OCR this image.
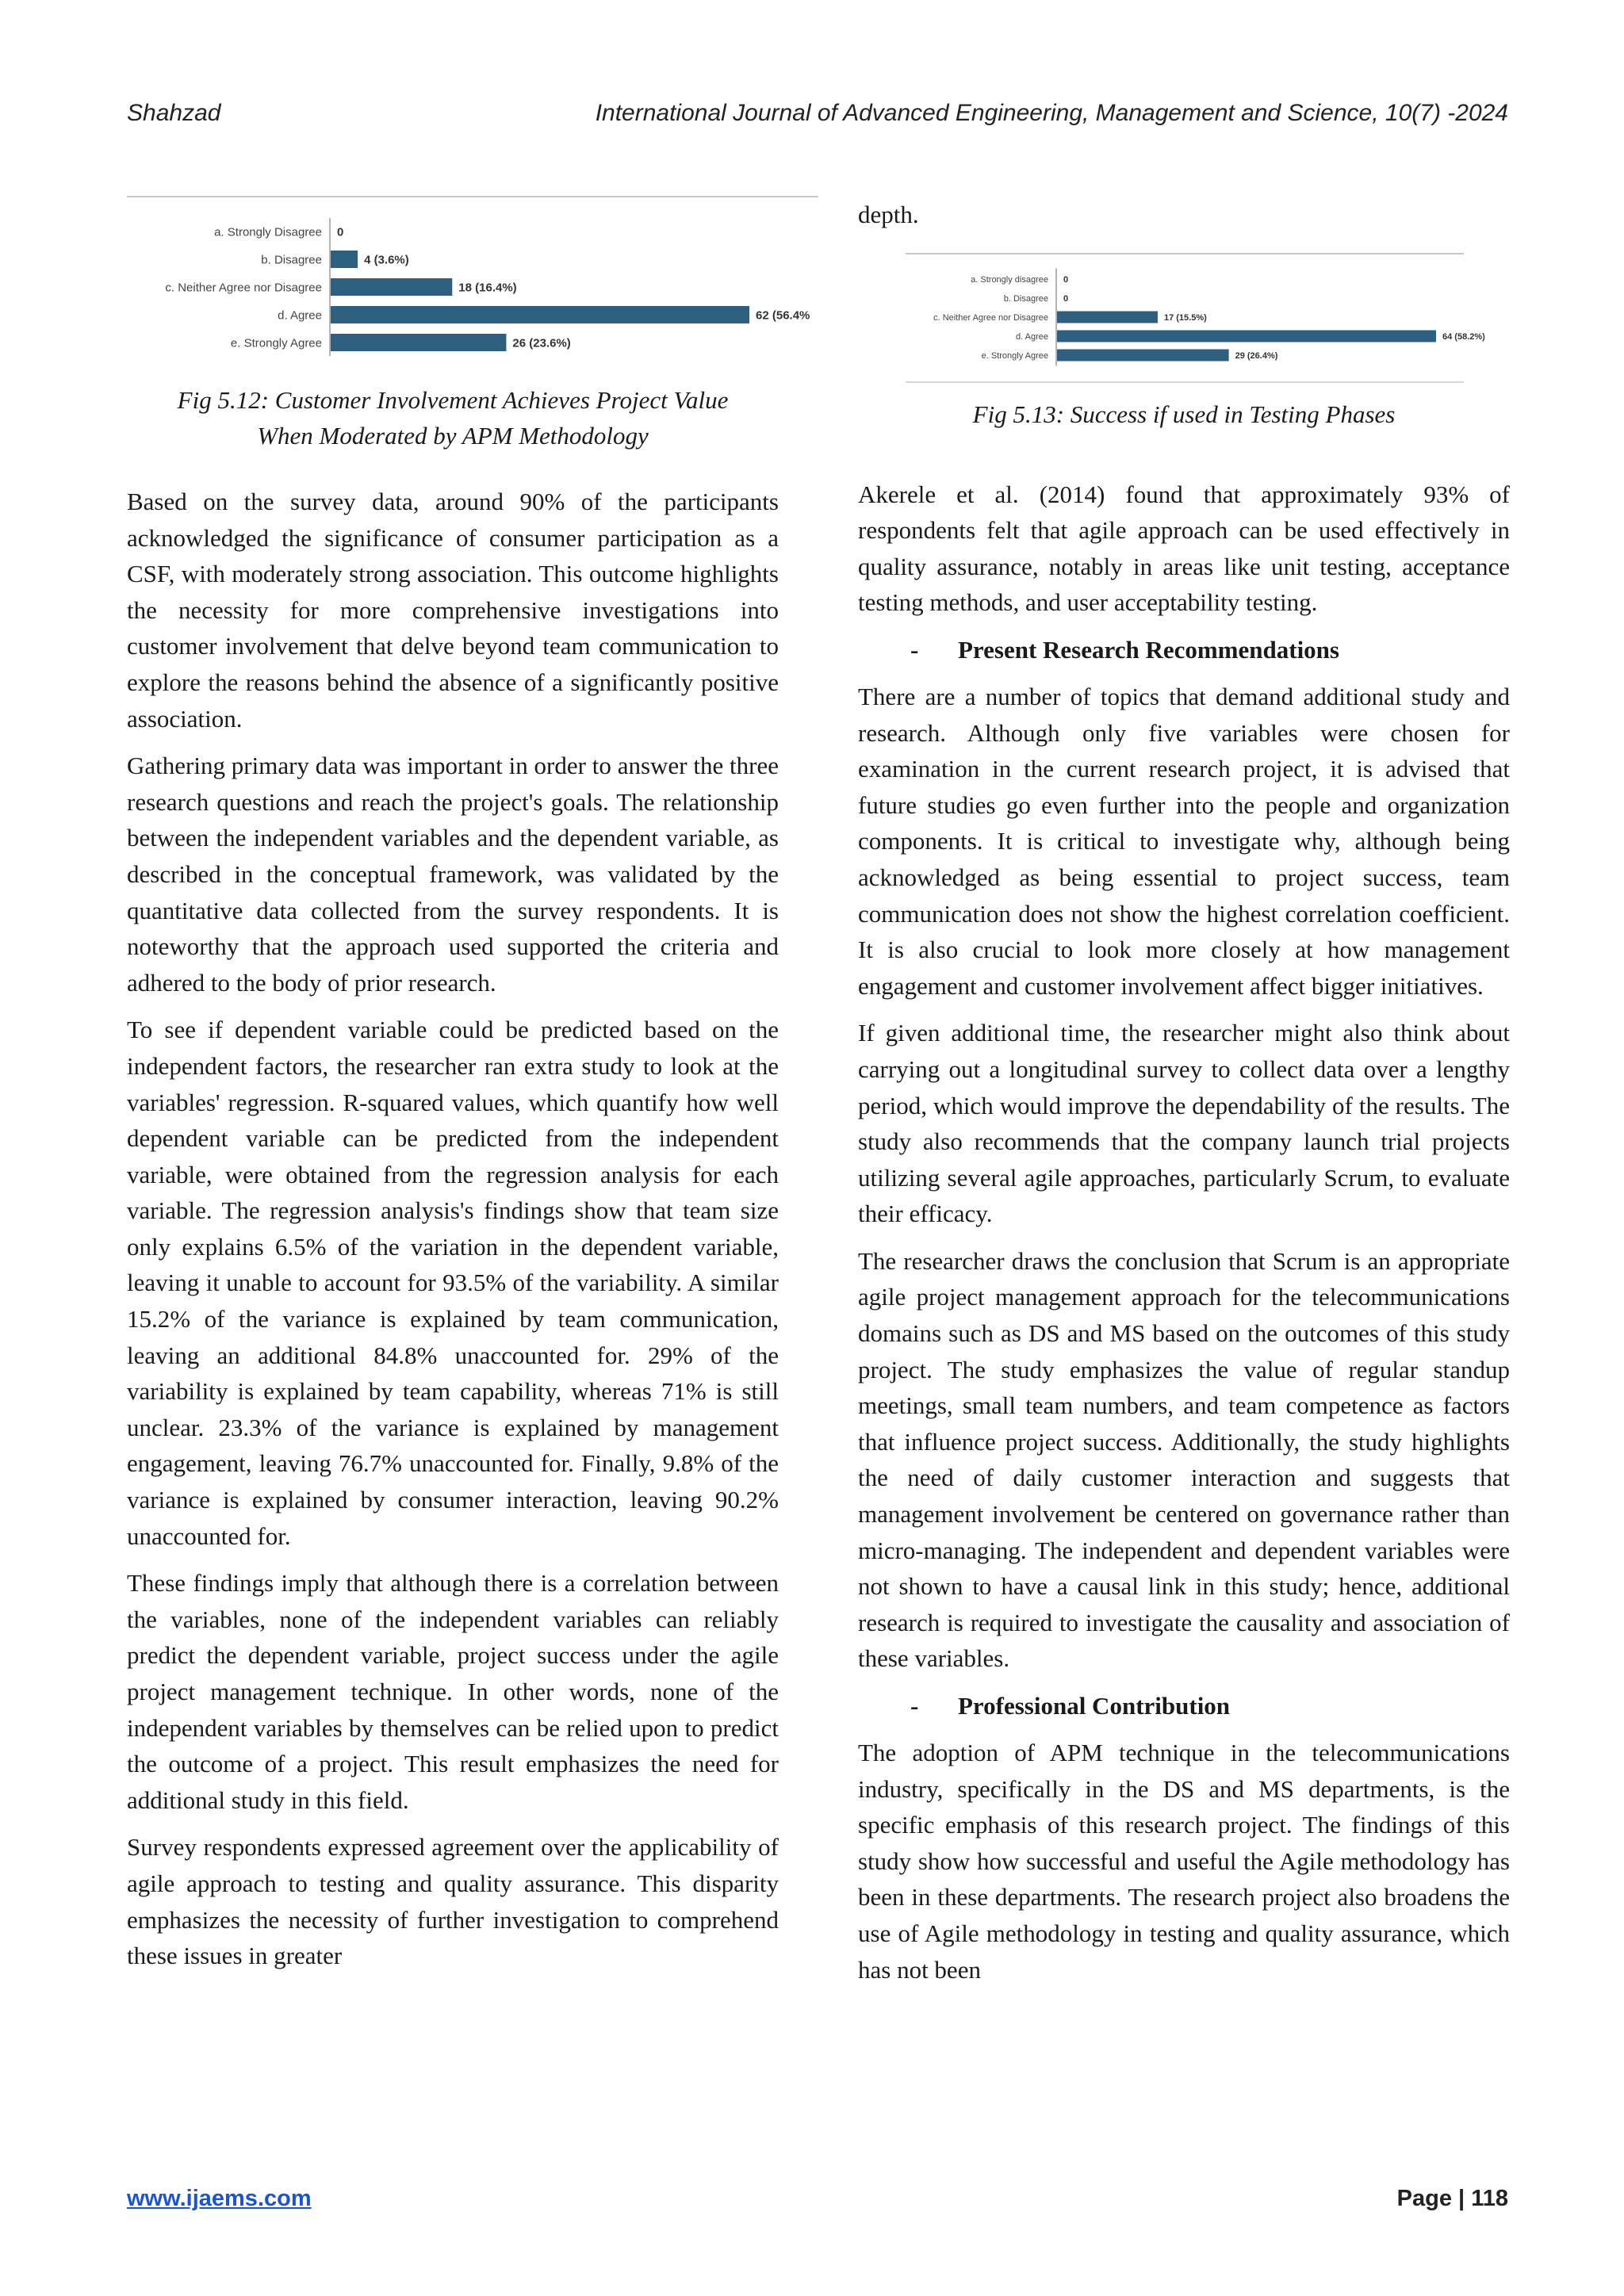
Shahzad	International Journal of Advanced Engineering, Management and Science, 10(7) -2024
a. Strongly Disagree 0
b. Disagree	4 (3.6%)
c. Neither Agree nor Disagree	18 (16.4%)
d. Agree	62 (56.4%
e. Strongly Agree	26 (23.6%)
Fig 5.12: Customer Involvement Achieves Project Value When Moderated by APM Methodology

Based on the survey data, around 90% of the participants acknowledged the significance of consumer participation as a CSF, with moderately strong association. This outcome highlights the necessity for more comprehensive investigations into customer involvement that delve beyond team communication to explore the reasons behind the absence of a significantly positive association.

Gathering primary data was important in order to answer the three research questions and reach the project's goals. The relationship between the independent variables and the dependent variable, as described in the conceptual framework, was validated by the quantitative data collected from the survey respondents. It is noteworthy that the approach used supported the criteria and adhered to the body of prior research.

To see if dependent variable could be predicted based on the independent factors, the researcher ran extra study to look at the variables' regression. R-squared values, which quantify how well dependent variable can be predicted from the independent variable, were obtained from the regression analysis for each variable. The regression analysis's findings show that team size only explains 6.5% of the variation in the dependent variable, leaving it unable to account for 93.5% of the variability. A similar 15.2% of the variance is explained by team communication, leaving an additional 84.8% unaccounted for. 29% of the variability is explained by team capability, whereas 71% is still unclear. 23.3% of the variance is explained by management engagement, leaving 76.7% unaccounted for. Finally, 9.8% of the variance is explained by consumer interaction, leaving 90.2% unaccounted for.

These findings imply that although there is a correlation between the variables, none of the independent variables can reliably predict the dependent variable, project success under the agile project management technique. In other words, none of the independent variables by themselves can be relied upon to predict the outcome of a project. This result emphasizes the need for additional study in this field.

Survey respondents expressed agreement over the applicability of agile approach to testing and quality assurance. This disparity emphasizes the necessity of further investigation to comprehend these issues in greater

depth.

a. Strongly disagree 0
b. Disagree 0
c. Neither Agree nor Disagree	17 (15.5%)
d. Agree	64 (58.2%)
e. Strongly Agree	29 (26.4%)
Fig 5.13: Success if used in Testing Phases

Akerele et al. (2014) found that approximately 93% of respondents felt that agile approach can be used effectively in quality assurance, notably in areas like unit testing, acceptance testing methods, and user acceptability testing.

- Present Research Recommendations

There are a number of topics that demand additional study and research. Although only five variables were chosen for examination in the current research project, it is advised that future studies go even further into the people and organization components. It is critical to investigate why, although being acknowledged as being essential to project success, team communication does not show the highest correlation coefficient. It is also crucial to look more closely at how management engagement and customer involvement affect bigger initiatives.

If given additional time, the researcher might also think about carrying out a longitudinal survey to collect data over a lengthy period, which would improve the dependability of the results. The study also recommends that the company launch trial projects utilizing several agile approaches, particularly Scrum, to evaluate their efficacy.

The researcher draws the conclusion that Scrum is an appropriate agile project management approach for the telecommunications domains such as DS and MS based on the outcomes of this study project. The study emphasizes the value of regular standup meetings, small team numbers, and team competence as factors that influence project success. Additionally, the study highlights the need of daily customer interaction and suggests that management involvement be centered on governance rather than micro-managing. The independent and dependent variables were not shown to have a causal link in this study; hence, additional research is required to investigate the causality and association of these variables.

- Professional Contribution

The adoption of APM technique in the telecommunications industry, specifically in the DS and MS departments, is the specific emphasis of this research project. The findings of this study show how successful and useful the Agile methodology has been in these departments. The research project also broadens the use of Agile methodology in testing and quality assurance, which has not been

www.ijaems.com	Page | 118
